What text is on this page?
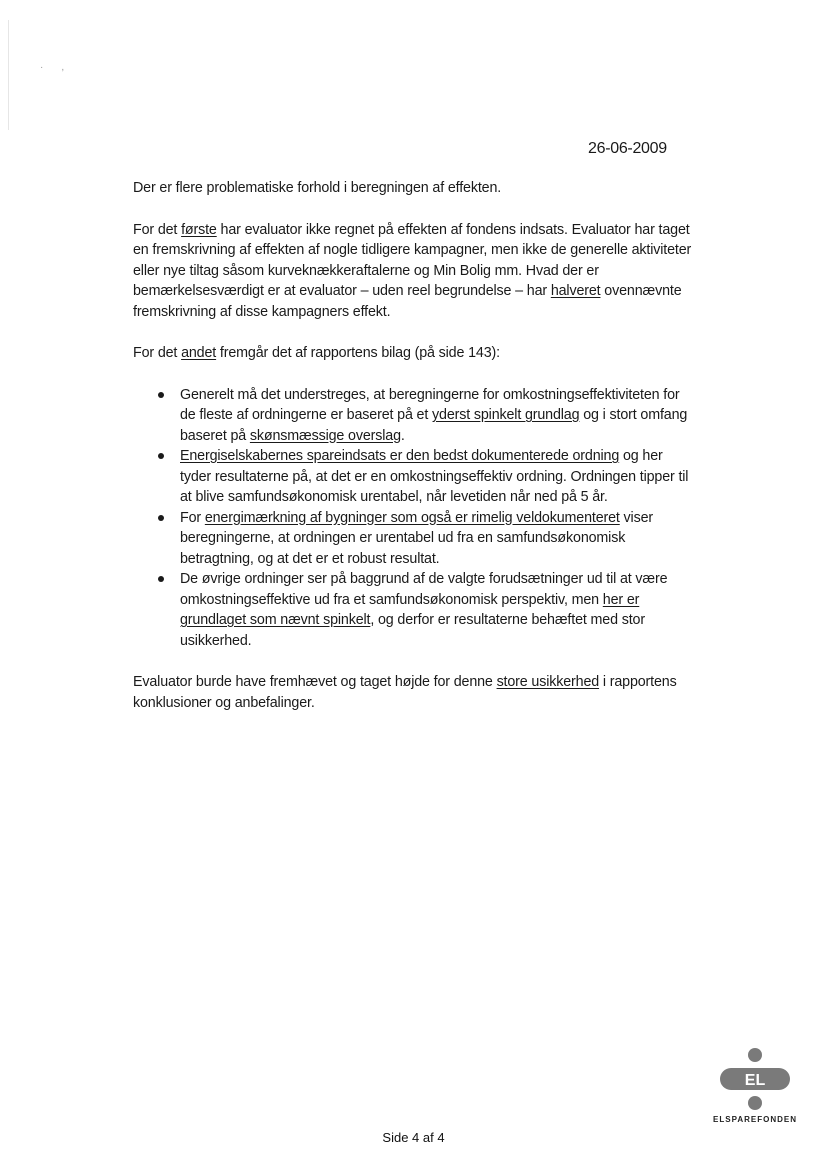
·,
26-06-2009

Der er flere problematiske forhold i beregningen af effekten.

For det første har evaluator ikke regnet på effekten af fondens indsats. Evaluator har taget en fremskrivning af effekten af nogle tidligere kampagner, men ikke de generelle aktiviteter eller nye tiltag såsom kurveknækkeraftalerne og Min Bolig mm. Hvad der er bemærkelsesværdigt er at evaluator – uden reel begrundelse – har halveret ovennævnte fremskrivning af disse kampagners effekt.

For det andet fremgår det af rapportens bilag (på side 143):

Generelt må det understreges, at beregningerne for omkostningseffektiviteten for de fleste af ordningerne er baseret på et yderst spinkelt grundlag og i stort omfang baseret på skønsmæssige overslag.
Energiselskabernes spareindsats er den bedst dokumenterede ordning og her tyder resultaterne på, at det er en omkostningseffektiv ordning. Ordningen tipper til at blive samfundsøkonomisk urentabel, når levetiden når ned på 5 år.
For energimærkning af bygninger som også er rimelig veldokumenteret viser beregningerne, at ordningen er urentabel ud fra en samfundsøkonomisk betragtning, og at det er et robust resultat.
De øvrige ordninger ser på baggrund af de valgte forudsætninger ud til at være omkostningseffektive ud fra et samfundsøkonomisk perspektiv, men her er grundlaget som nævnt spinkelt, og derfor er resultaterne behæftet med stor usikkerhed.

Evaluator burde have fremhævet og taget højde for denne store usikkerhed i rapportens konklusioner og anbefalinger.

EL
ELSPAREFONDEN
Side 4 af 4
